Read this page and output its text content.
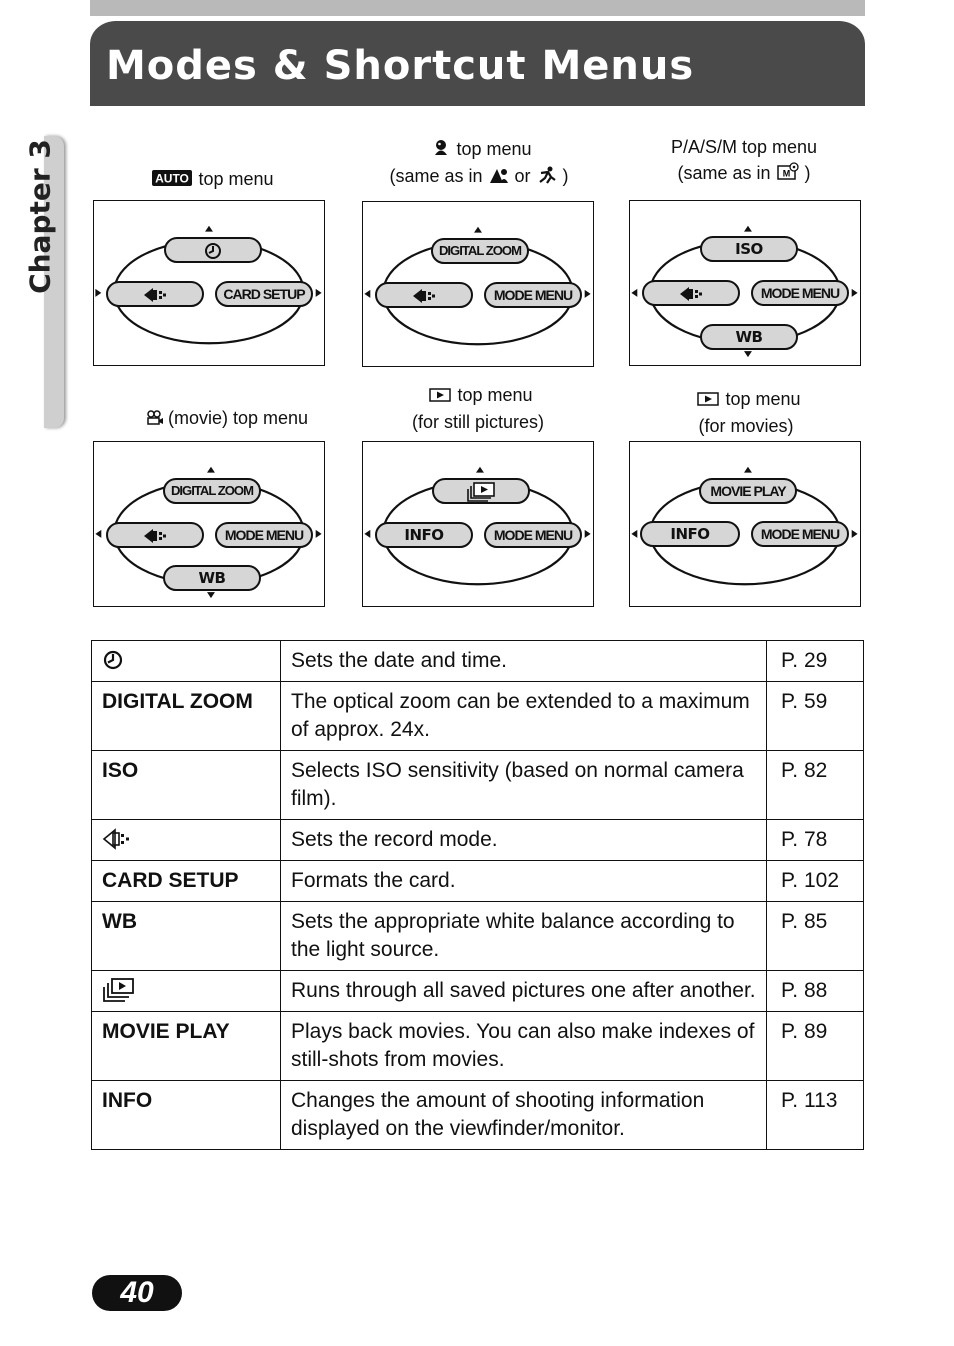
Modes & Shortcut Menus
Chapter 3	AUTO top menu
top menu
(same as in or )
P/A/S/M top menu
(same as in M )
(movie) top menu
top menu
(for still pictures)
top menu
(for movies)
CARD SETUP
DIGITAL ZOOM
MODE MENU
ISO
MODE MENU
WB
DIGITAL ZOOM
MODE MENU
WB
INFO	MODE MENU
MOVIE PLAY
INFO	MODE MENU
	Sets the date and time.	P. 29
DIGITAL ZOOM	The optical zoom can be extended to a maximum of approx. 24x.	P. 59
ISO	Selects ISO sensitivity (based on normal camera film).	P. 82
	Sets the record mode.	P. 78
CARD SETUP	Formats the card.	P. 102
WB	Sets the appropriate white balance according to the light source.	P. 85
	Runs through all saved pictures one after another.	P. 88
MOVIE PLAY	Plays back movies. You can also make indexes of still-shots from movies.	P. 89
INFO	Changes the amount of shooting information displayed on the viewfinder/monitor.	P. 113
40
